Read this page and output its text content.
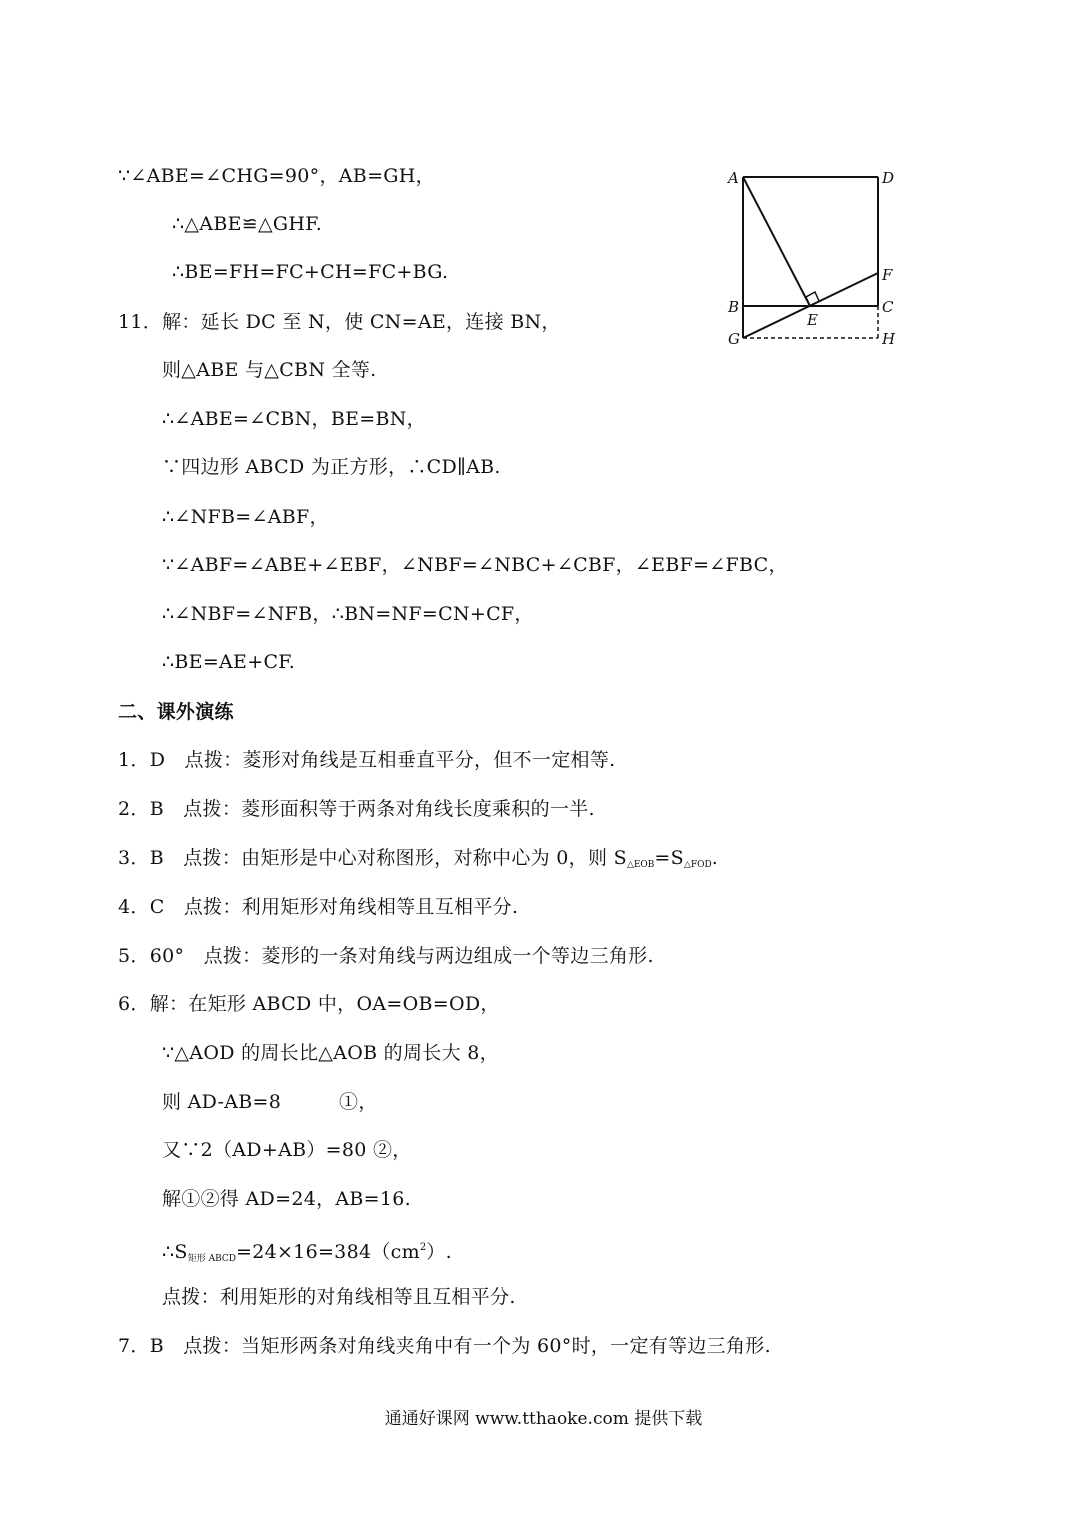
∵∠ABE=∠CHG=90°，AB=GH，
∴△ABE≌△GHF.
∴BE=FH=FC+CH=FC+BG.
11．解：延长 DC 至 N，使 CN=AE，连接 BN，
则△ABE 与△CBN 全等.
∴∠ABE=∠CBN，BE=BN，
∵四边形 ABCD 为正方形，∴CD∥AB.
∴∠NFB=∠ABF，
∵∠ABF=∠ABE+∠EBF，∠NBF=∠NBC+∠CBF，∠EBF=∠FBC，
∴∠NBF=∠NFB，∴BN=NF=CN+CF，
∴BE=AE+CF.
二、课外演练
1．D　点拨：菱形对角线是互相垂直平分，但不一定相等.
2．B　点拨：菱形面积等于两条对角线长度乘积的一半.
3．B　点拨：由矩形是中心对称图形，对称中心为 0，则 $S_{\triangle EOB}=S_{\triangle FOD}$.
4．C　点拨：利用矩形对角线相等且互相平分.
5．60°　点拨：菱形的一条对角线与两边组成一个等边三角形.
6．解：在矩形 ABCD 中，OA=OB=OD，
∵△AOD 的周长比△AOB 的周长大 8，
则 AD-AB=8　　　①，
又∵2（AD+AB）=80 ②，
解①②得 AD=24，AB=16.
$\therefore S_{矩形 ABCD}=24\times 16=384(cm^2)$.
点拨：利用矩形的对角线相等且互相平分.
7．B　点拨：当矩形两条对角线夹角中有一个为 60°时，一定有等边三角形.
A	D
F
B
E
C
G	H
通通好课网 www.tthaoke.com 提供下载
